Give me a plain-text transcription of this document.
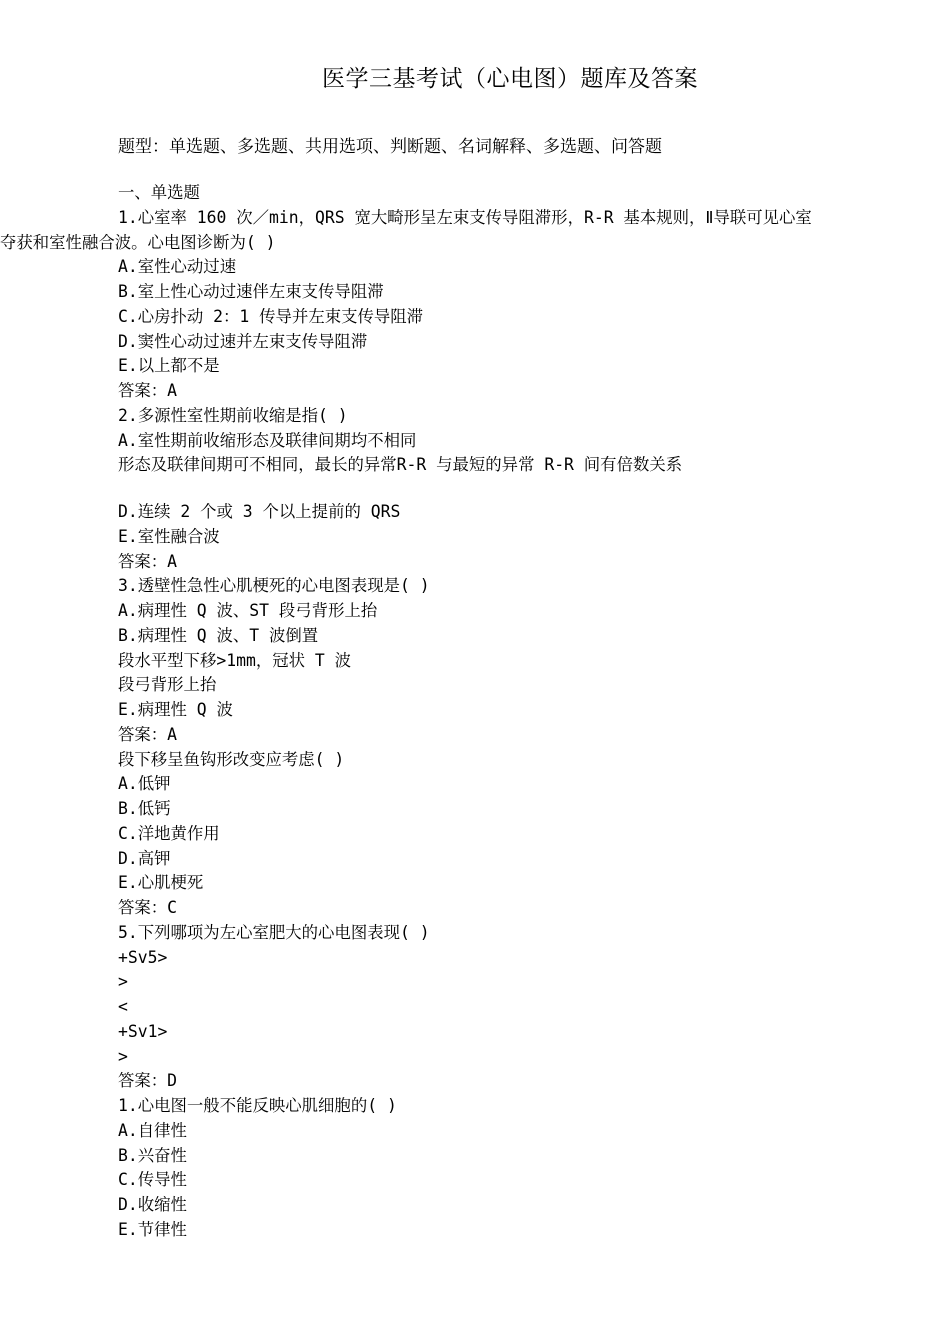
医学三基考试（心电图）题库及答案
题型：单选题、多选题、共用选项、判断题、名词解释、多选题、问答题
一、单选题
1.心室率 160 次／min，QRS 宽大畸形呈左束支传导阻滞形，R-R 基本规则，Ⅱ导联可见心室
夺获和室性融合波。心电图诊断为( )
A.室性心动过速
B.室上性心动过速伴左束支传导阻滞
C.心房扑动 2：1 传导并左束支传导阻滞
D.窦性心动过速并左束支传导阻滞
E.以上都不是
答案：A
2.多源性室性期前收缩是指( )
A.室性期前收缩形态及联律间期均不相同
形态及联律间期可不相同，最长的异常R-R 与最短的异常 R-R 间有倍数关系
D.连续 2 个或 3 个以上提前的 QRS
E.室性融合波
答案：A
3.透壁性急性心肌梗死的心电图表现是( )
A.病理性 Q 波、ST 段弓背形上抬
B.病理性 Q 波、T 波倒置
段水平型下移>1mm，冠状 T 波
段弓背形上抬
E.病理性 Q 波
答案：A
段下移呈鱼钩形改变应考虑( )
A.低钾
B.低钙
C.洋地黄作用
D.高钾
E.心肌梗死
答案：C
5.下列哪项为左心室肥大的心电图表现( )
+Sv5>
>
<
+Sv1>
>
答案：D
1.心电图一般不能反映心肌细胞的( )
A.自律性
B.兴奋性
C.传导性
D.收缩性
E.节律性
